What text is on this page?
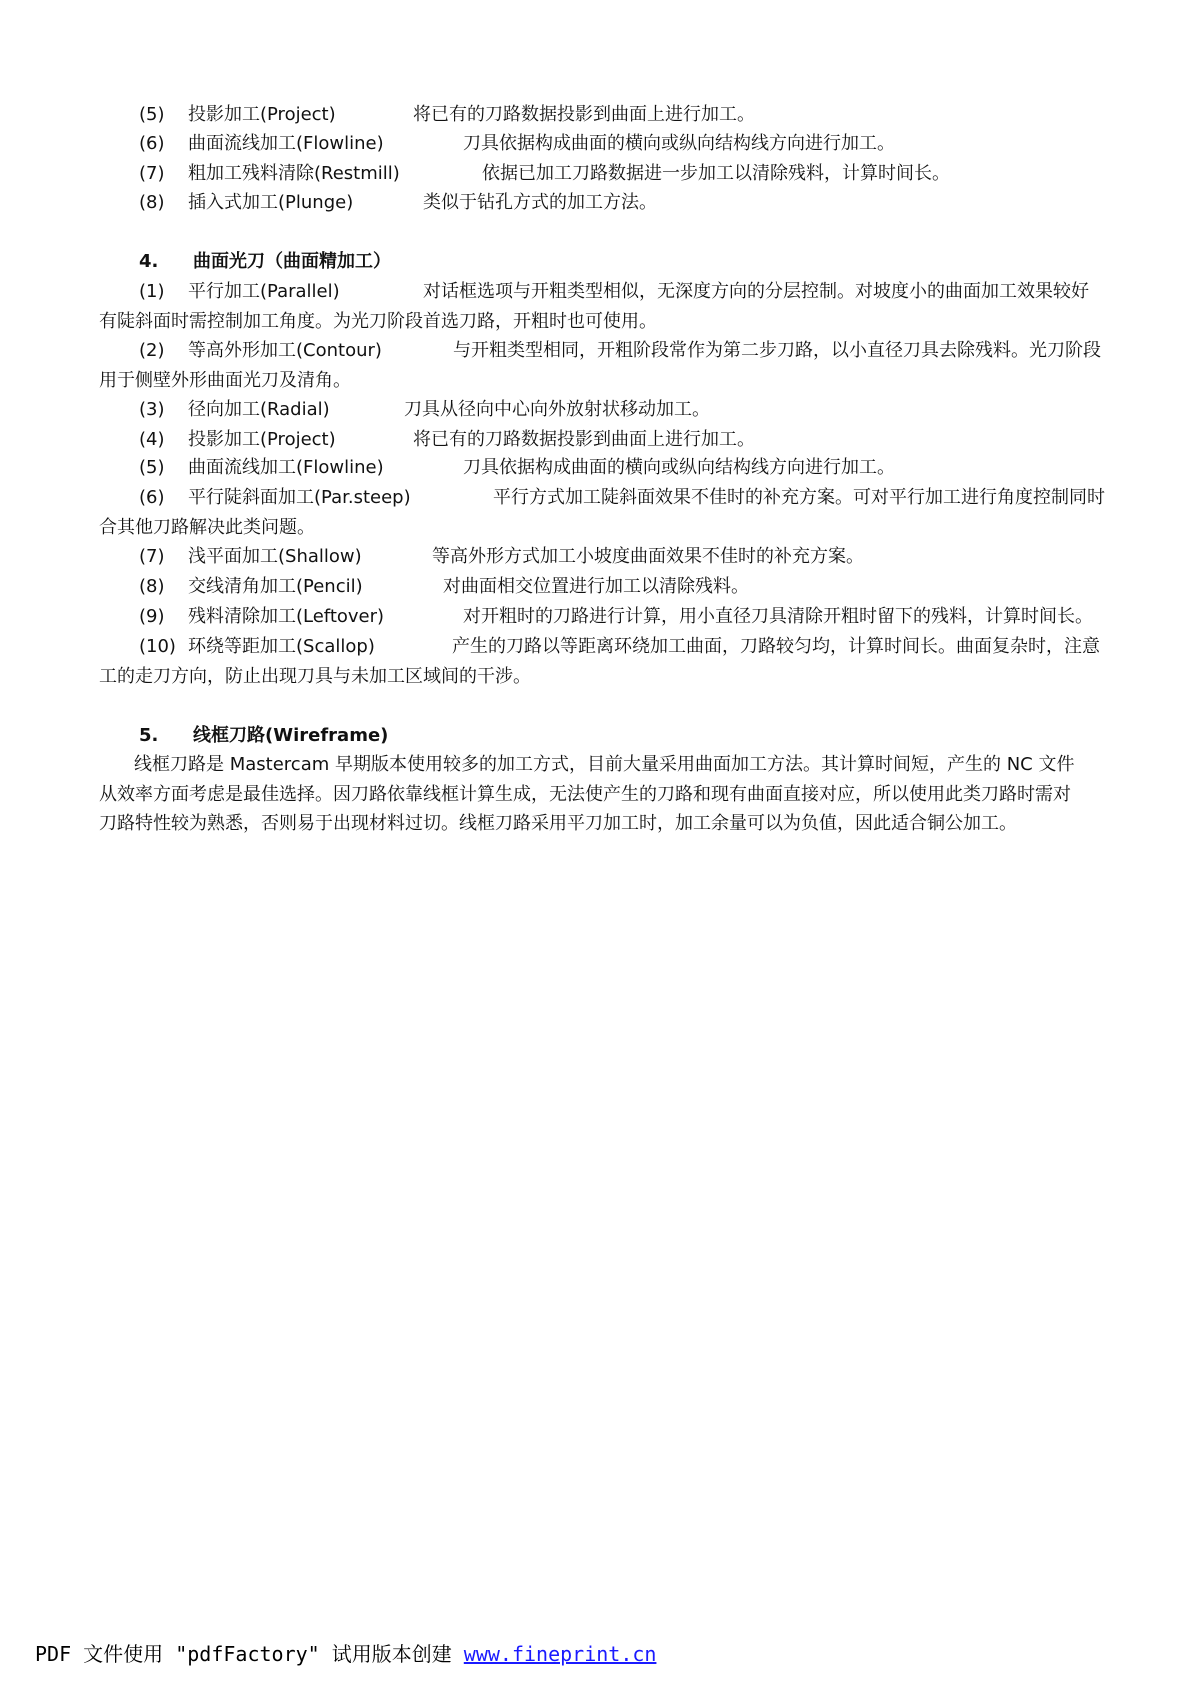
(5) 投影加工(Project)	将已有的刀路数据投影到曲面上进行加工。
(6) 曲面流线加工(Flowline)	刀具依据构成曲面的横向或纵向结构线方向进行加工。
(7) 粗加工残料清除(Restmill)	依据已加工刀路数据进一步加工以清除残料，计算时间长。
(8) 插入式加工(Plunge)	类似于钻孔方式的加工方法。
4. 曲面光刀（曲面精加工）
(1) 平行加工(Parallel)	对话框选项与开粗类型相似，无深度方向的分层控制。对坡度小的曲面加工效果较好
有陡斜面时需控制加工角度。为光刀阶段首选刀路，开粗时也可使用。
(2) 等高外形加工(Contour)	与开粗类型相同，开粗阶段常作为第二步刀路，以小直径刀具去除残料。光刀阶段
用于侧壁外形曲面光刀及清角。
(3) 径向加工(Radial)	刀具从径向中心向外放射状移动加工。
(4) 投影加工(Project)	将已有的刀路数据投影到曲面上进行加工。
(5) 曲面流线加工(Flowline)	刀具依据构成曲面的横向或纵向结构线方向进行加工。
(6) 平行陡斜面加工(Par.steep)	平行方式加工陡斜面效果不佳时的补充方案。可对平行加工进行角度控制同时
合其他刀路解决此类问题。
(7) 浅平面加工(Shallow)	等高外形方式加工小坡度曲面效果不佳时的补充方案。
(8) 交线清角加工(Pencil)	对曲面相交位置进行加工以清除残料。
(9) 残料清除加工(Leftover)	对开粗时的刀路进行计算，用小直径刀具清除开粗时留下的残料，计算时间长。
(10) 环绕等距加工(Scallop)	产生的刀路以等距离环绕加工曲面，刀路较匀均，计算时间长。曲面复杂时，注意
工的走刀方向，防止出现刀具与未加工区域间的干涉。
5. 线框刀路(Wireframe)
线框刀路是 Mastercam 早期版本使用较多的加工方式，目前大量采用曲面加工方法。其计算时间短，产生的 NC 文件
从效率方面考虑是最佳选择。因刀路依靠线框计算生成，无法使产生的刀路和现有曲面直接对应，所以使用此类刀路时需对
刀路特性较为熟悉，否则易于出现材料过切。线框刀路采用平刀加工时，加工余量可以为负值，因此适合铜公加工。
PDF 文件使用 "pdfFactory" 试用版本创建 www.fineprint.cn
